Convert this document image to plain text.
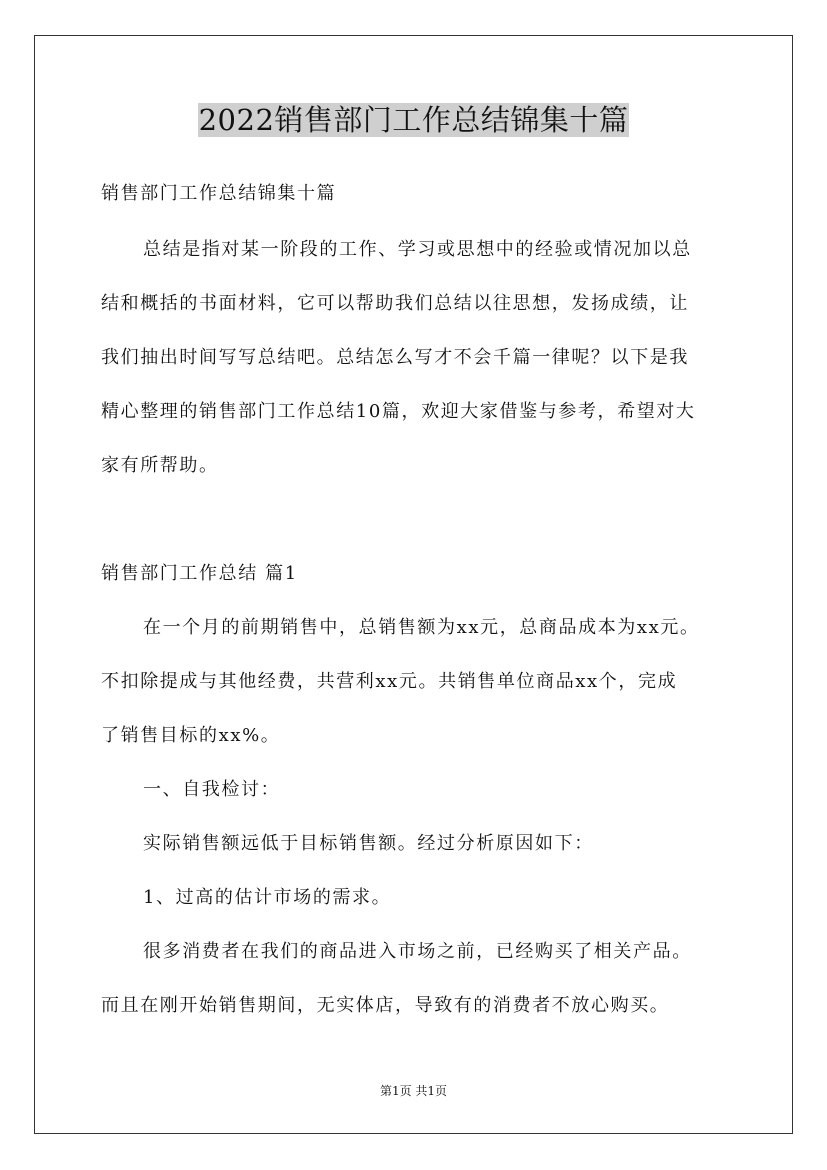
2022销售部门工作总结锦集十篇

销售部门工作总结锦集十篇

总结是指对某一阶段的工作、学习或思想中的经验或情况加以总

结和概括的书面材料，它可以帮助我们总结以往思想，发扬成绩，让

我们抽出时间写写总结吧。总结怎么写才不会千篇一律呢？以下是我

精心整理的销售部门工作总结10篇，欢迎大家借鉴与参考，希望对大

家有所帮助。

销售部门工作总结 篇1

在一个月的前期销售中，总销售额为xx元，总商品成本为xx元。

不扣除提成与其他经费，共营利xx元。共销售单位商品xx个，完成

了销售目标的xx%。

一、自我检讨：

实际销售额远低于目标销售额。经过分析原因如下：

1、过高的估计市场的需求。

很多消费者在我们的商品进入市场之前，已经购买了相关产品。

而且在刚开始销售期间，无实体店，导致有的消费者不放心购买。

第1页 共1页
